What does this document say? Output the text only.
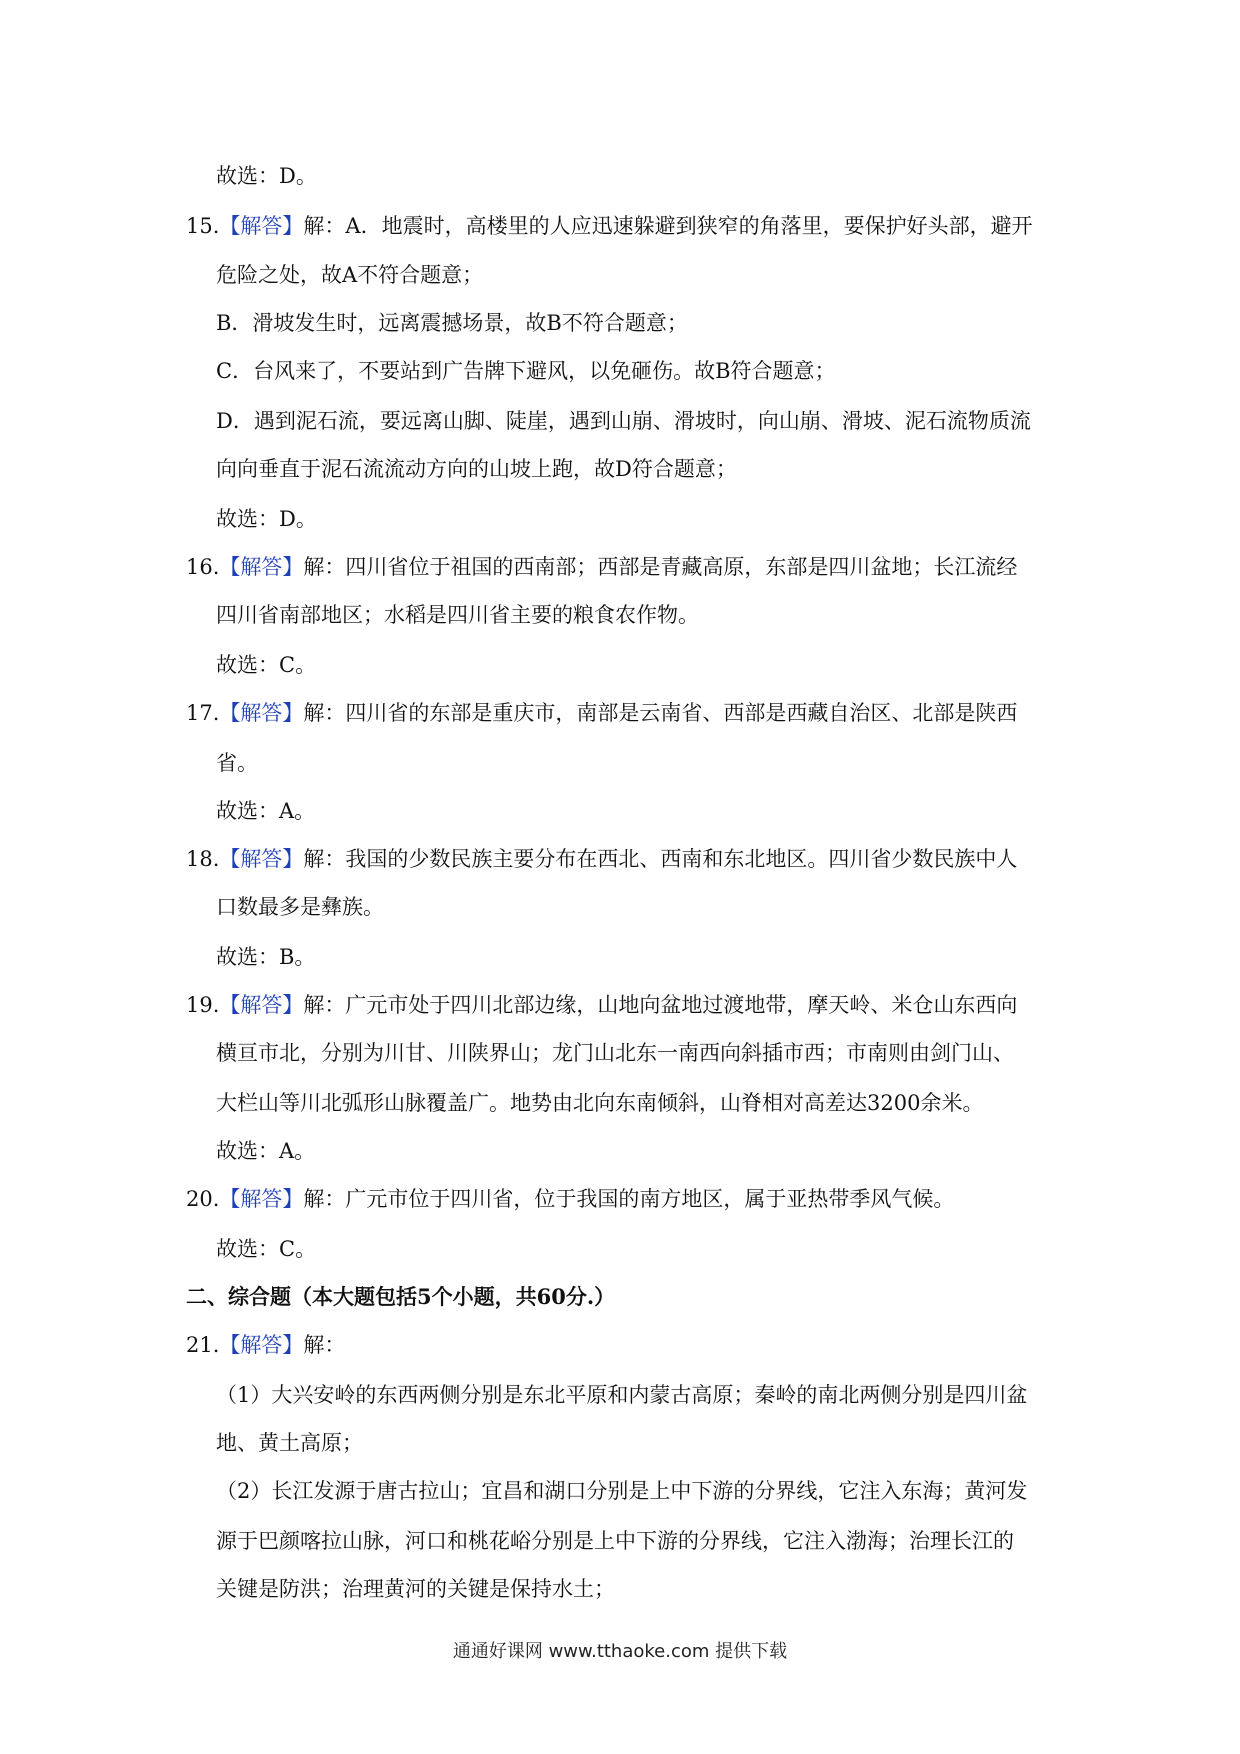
故选：D。
15.【解答】解：A．地震时，高楼里的人应迅速躲避到狭窄的角落里，要保护好头部，避开
危险之处，故A不符合题意；
B．滑坡发生时，远离震撼场景，故B不符合题意；
C．台风来了，不要站到广告牌下避风，以免砸伤。故B符合题意；
D．遇到泥石流，要远离山脚、陡崖，遇到山崩、滑坡时，向山崩、滑坡、泥石流物质流
向向垂直于泥石流流动方向的山坡上跑，故D符合题意；
故选：D。
16.【解答】解：四川省位于祖国的西南部；西部是青藏高原，东部是四川盆地；长江流经
四川省南部地区；水稻是四川省主要的粮食农作物。
故选：C。
17.【解答】解：四川省的东部是重庆市，南部是云南省、西部是西藏自治区、北部是陕西
省。
故选：A。
18.【解答】解：我国的少数民族主要分布在西北、西南和东北地区。四川省少数民族中人
口数最多是彝族。
故选：B。
19.【解答】解：广元市处于四川北部边缘，山地向盆地过渡地带，摩天岭、米仓山东西向
横亘市北，分别为川甘、川陕界山；龙门山北东一南西向斜插市西；市南则由剑门山、
大栏山等川北弧形山脉覆盖广。地势由北向东南倾斜，山脊相对高差达3200余米。
故选：A。
20.【解答】解：广元市位于四川省，位于我国的南方地区，属于亚热带季风气候。
故选：C。
二、综合题（本大题包括5个小题，共60分.）
21.【解答】解：
（1）大兴安岭的东西两侧分别是东北平原和内蒙古高原；秦岭的南北两侧分别是四川盆
地、黄土高原；
（2）长江发源于唐古拉山；宜昌和湖口分别是上中下游的分界线，它注入东海；黄河发
源于巴颜喀拉山脉，河口和桃花峪分别是上中下游的分界线，它注入渤海；治理长江的
关键是防洪；治理黄河的关键是保持水土；
通通好课网 www.tthaoke.com 提供下载
